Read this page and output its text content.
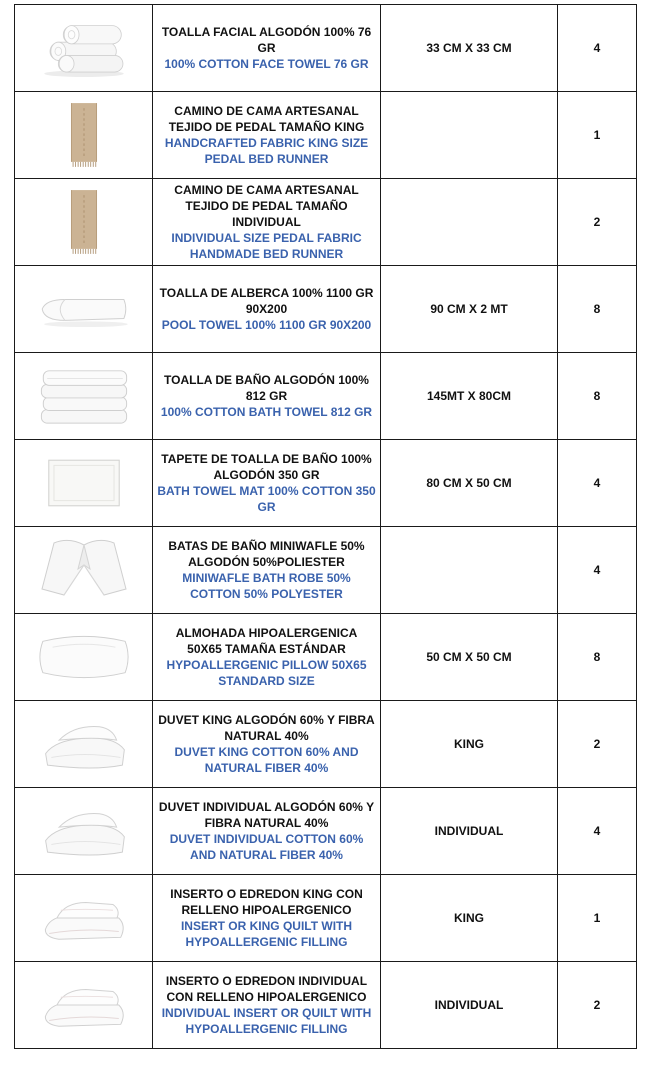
TOALLA FACIAL ALGODÓN 100% 76 GR
100% COTTON FACE TOWEL 76 GR	33 CM X 33 CM	4

CAMINO DE CAMA ARTESANAL TEJIDO DE PEDAL TAMAÑO KING
HANDCRAFTED FABRIC KING SIZE PEDAL BED RUNNER		1

CAMINO DE CAMA ARTESANAL TEJIDO DE PEDAL TAMAÑO INDIVIDUAL
INDIVIDUAL SIZE PEDAL FABRIC HANDMADE BED RUNNER		2

TOALLA DE ALBERCA 100% 1100 GR 90X200
POOL TOWEL 100% 1100 GR 90X200	90 CM X 2 MT	8

TOALLA DE BAÑO ALGODÓN 100% 812 GR
100% COTTON BATH TOWEL 812 GR	145MT X 80CM	8

TAPETE DE TOALLA DE BAÑO 100% ALGODÓN 350 GR
BATH TOWEL MAT 100% COTTON 350 GR	80 CM X 50 CM	4

BATAS DE BAÑO MINIWAFLE 50% ALGODÓN 50%POLIESTER
MINIWAFLE BATH ROBE 50% COTTON 50% POLYESTER		4

ALMOHADA HIPOALERGENICA 50X65 TAMAÑA ESTÁNDAR
HYPOALLERGENIC PILLOW 50X65 STANDARD SIZE	50 CM X 50 CM	8

DUVET KING ALGODÓN 60% Y FIBRA NATURAL 40%
DUVET KING COTTON 60% AND NATURAL FIBER 40%	KING	2

DUVET INDIVIDUAL ALGODÓN 60% Y FIBRA NATURAL 40%
DUVET INDIVIDUAL COTTON 60% AND NATURAL FIBER 40%	INDIVIDUAL	4

INSERTO O EDREDON KING CON RELLENO HIPOALERGENICO
INSERT OR KING QUILT WITH HYPOALLERGENIC FILLING	KING	1

INSERTO O EDREDON INDIVIDUAL CON RELLENO HIPOALERGENICO
INDIVIDUAL INSERT OR QUILT WITH HYPOALLERGENIC FILLING	INDIVIDUAL	2
